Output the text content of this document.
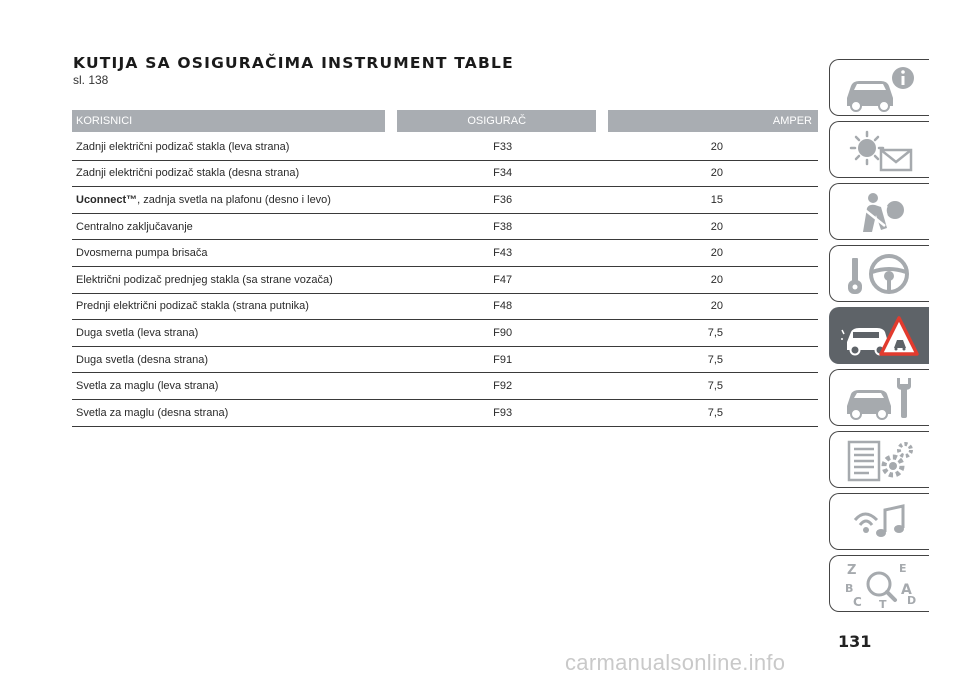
KUTIJA SA OSIGURAČIMA INSTRUMENT TABLE
sl. 138
KORISNICI		OSIGURAČ		AMPER
Zadnji električni podizač stakla (leva strana)		F33		20
Zadnji električni podizač stakla (desna strana)		F34		20
Uconnect™, zadnja svetla na plafonu (desno i levo)		F36		15
Centralno zaključavanje		F38		20
Dvosmerna pumpa brisača		F43		20
Električni podizač prednjeg stakla (sa strane vozača)		F47		20
Prednji električni podizač stakla (strana putnika)		F48		20
Duga svetla (leva strana)		F90		7,5
Duga svetla (desna strana)		F91		7,5
Svetla za maglu (leva strana)		F92		7,5
Svetla za maglu (desna strana)		F93		7,5
Z	E
B	A
C	D
T
131
carmanualsonline.info
